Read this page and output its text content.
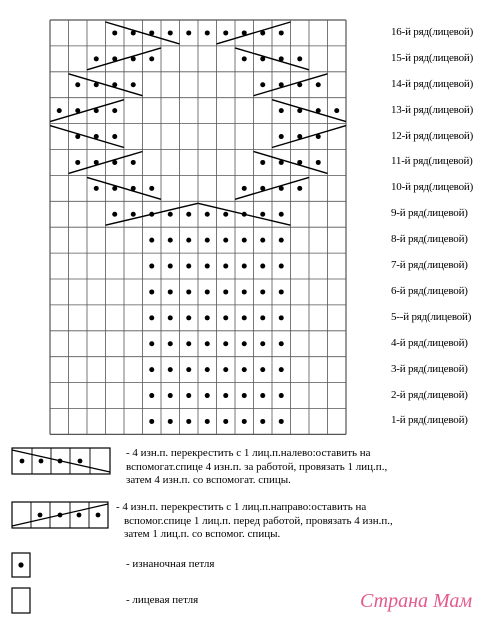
16-й ряд(лицевой)
15-й ряд(лицевой)
14-й ряд(лицевой)
13-й ряд(лицевой)
12-й ряд(лицевой)
11-й ряд(лицевой)
10-й ряд(лицевой)
9-й ряд(лицевой)
8-й ряд(лицевой)
7-й ряд(лицевой)
6-й ряд(лицевой)
5--й ряд(лицевой)
4-й ряд(лицевой)
3-й ряд(лицевой)
2-й ряд(лицевой)
1-й ряд(лицевой)
- 4 изн.п. перекрестить с 1 лиц.п.налево:оставить на
вспомогат.спице 4 изн.п. за работой, провязать 1 лиц.п.,
затем 4 изн.п. со вспомогат. спицы.
- 4 изн.п. перекрестить с 1 лиц.п.направо:оставить на
вспомог.спице 1 лиц.п. перед работой, провязать 4 изн.п.,
затем 1 лиц.п. со вспомог. спицы.
- изнаночная петля
- лицевая петля	Страна Мам
